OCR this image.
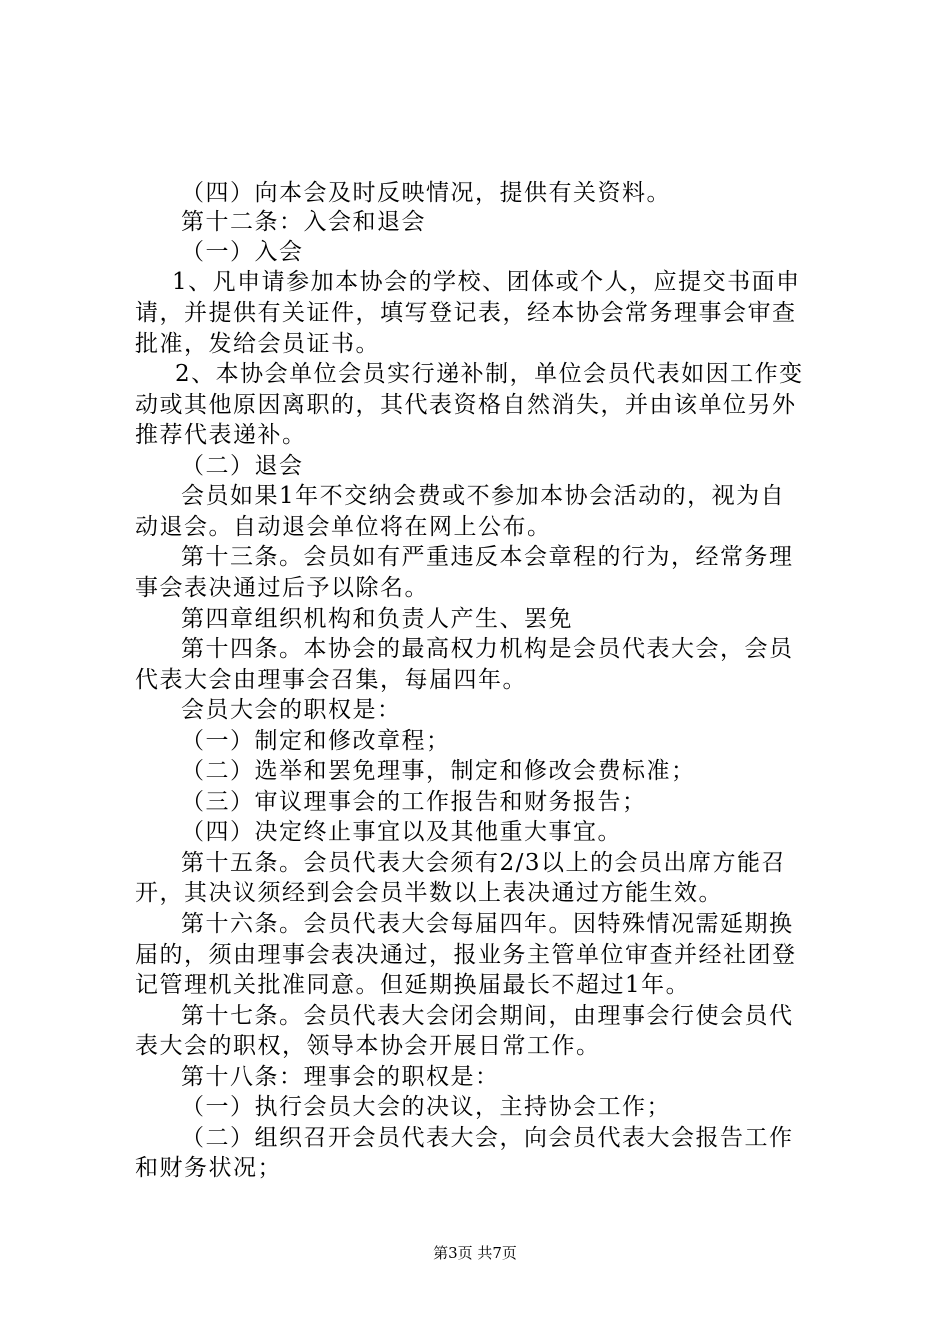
（四）向本会及时反映情况，提供有关资料。
第十二条：入会和退会
（一）入会
1、凡申请参加本协会的学校、团体或个人，应提交书面申
请，并提供有关证件，填写登记表，经本协会常务理事会审查
批准，发给会员证书。
2、本协会单位会员实行递补制，单位会员代表如因工作变
动或其他原因离职的，其代表资格自然消失，并由该单位另外
推荐代表递补。
（二）退会
会员如果1年不交纳会费或不参加本协会活动的，视为自
动退会。自动退会单位将在网上公布。
第十三条。会员如有严重违反本会章程的行为，经常务理
事会表决通过后予以除名。
第四章组织机构和负责人产生、罢免
第十四条。本协会的最高权力机构是会员代表大会，会员
代表大会由理事会召集，每届四年。
会员大会的职权是：
（一）制定和修改章程；
（二）选举和罢免理事，制定和修改会费标准；
（三）审议理事会的工作报告和财务报告；
（四）决定终止事宜以及其他重大事宜。
第十五条。会员代表大会须有2/3以上的会员出席方能召
开，其决议须经到会会员半数以上表决通过方能生效。
第十六条。会员代表大会每届四年。因特殊情况需延期换
届的，须由理事会表决通过，报业务主管单位审查并经社团登
记管理机关批准同意。但延期换届最长不超过1年。
第十七条。会员代表大会闭会期间，由理事会行使会员代
表大会的职权，领导本协会开展日常工作。
第十八条：理事会的职权是：
（一）执行会员大会的决议，主持协会工作；
（二）组织召开会员代表大会，向会员代表大会报告工作
和财务状况；
第3页 共7页
